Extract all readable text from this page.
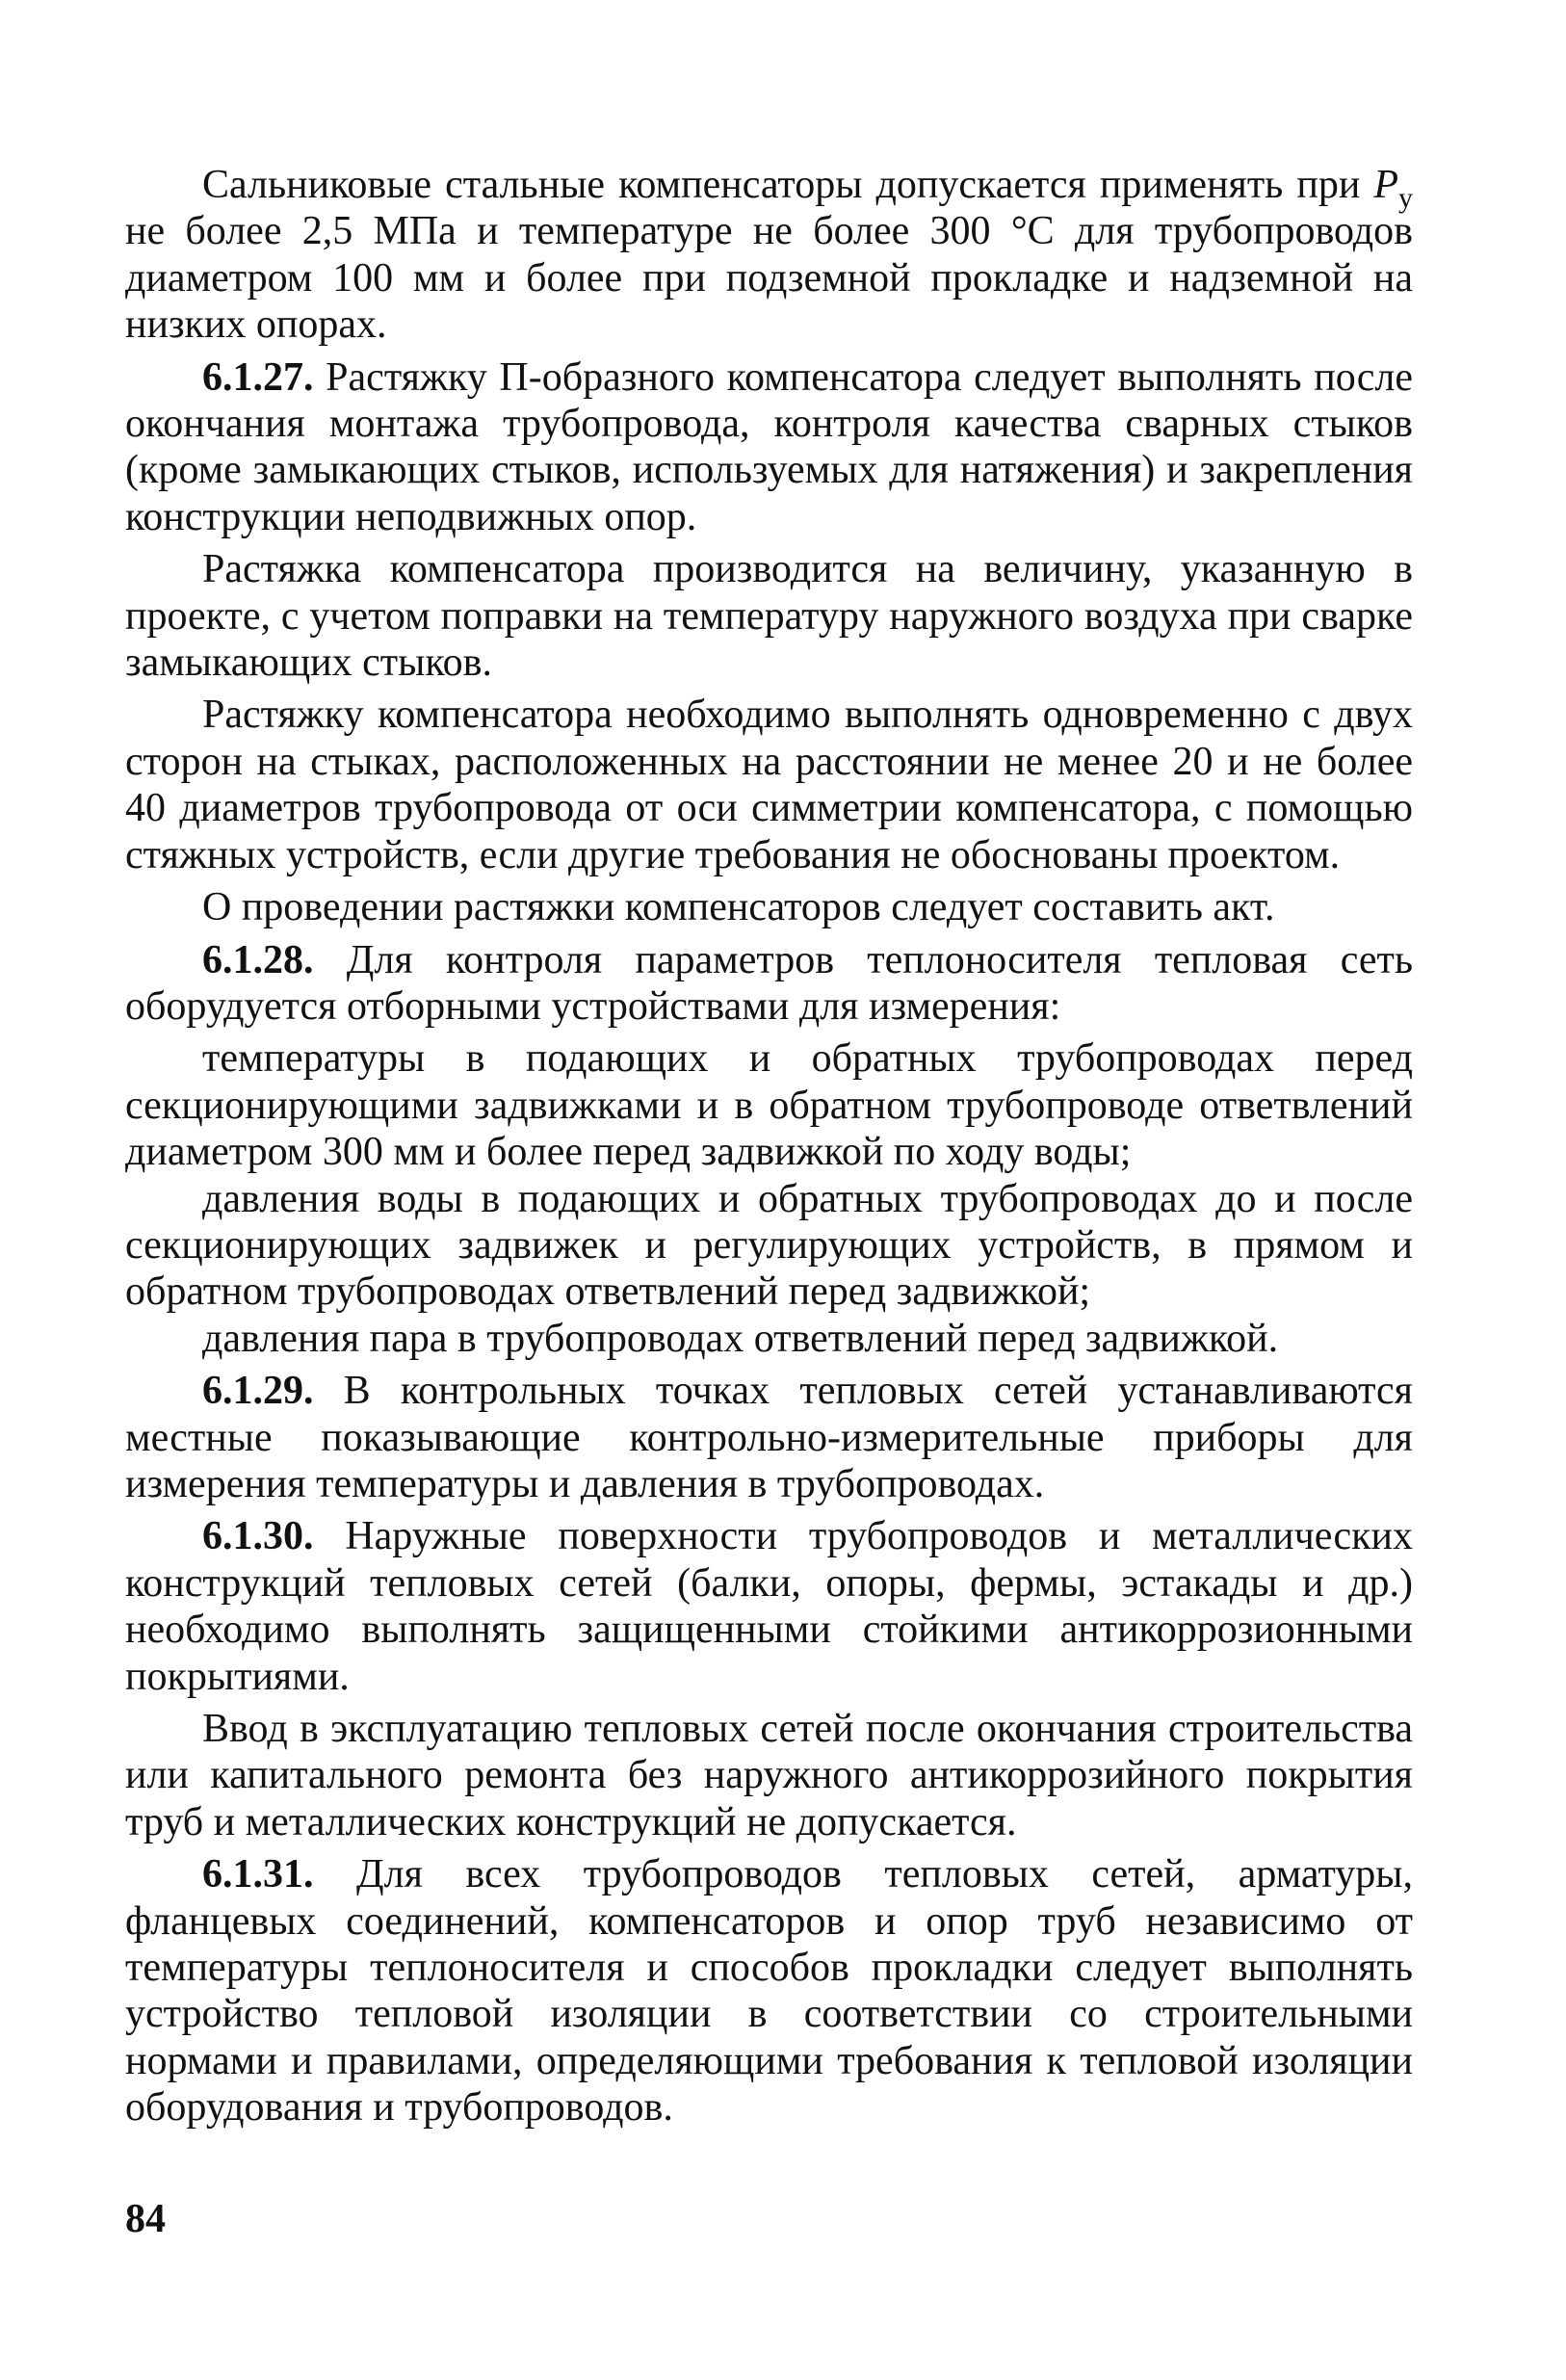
Сальниковые стальные компенсаторы допускается применять при $P_у$ не более 2,5 МПа и температуре не более 300 °С для трубопроводов диаметром 100 мм и более при подземной прокладке и надземной на низких опорах.

6.1.27. Растяжку П-образного компенсатора следует выполнять после окончания монтажа трубопровода, контроля качества сварных стыков (кроме замыкающих стыков, используемых для натяжения) и закрепления конструкции неподвижных опор.

Растяжка компенсатора производится на величину, указанную в проекте, с учетом поправки на температуру наружного воздуха при сварке замыкающих стыков.

Растяжку компенсатора необходимо выполнять одновременно с двух сторон на стыках, расположенных на расстоянии не менее 20 и не более 40 диаметров трубопровода от оси симметрии компенсатора, с помощью стяжных устройств, если другие требования не обоснованы проектом.

О проведении растяжки компенсаторов следует составить акт.

6.1.28. Для контроля параметров теплоносителя тепловая сеть оборудуется отборными устройствами для измерения:

температуры в подающих и обратных трубопроводах перед секционирующими задвижками и в обратном трубопроводе ответвлений диаметром 300 мм и более перед задвижкой по ходу воды;

давления воды в подающих и обратных трубопроводах до и после секционирующих задвижек и регулирующих устройств, в прямом и обратном трубопроводах ответвлений перед задвижкой;

давления пара в трубопроводах ответвлений перед задвижкой.

6.1.29. В контрольных точках тепловых сетей устанавливаются местные показывающие контрольно-измерительные приборы для измерения температуры и давления в трубопроводах.

6.1.30. Наружные поверхности трубопроводов и металлических конструкций тепловых сетей (балки, опоры, фермы, эстакады и др.) необходимо выполнять защищенными стойкими антикоррозионными покрытиями.

Ввод в эксплуатацию тепловых сетей после окончания строительства или капитального ремонта без наружного антикоррозийного покрытия труб и металлических конструкций не допускается.

6.1.31. Для всех трубопроводов тепловых сетей, арматуры, фланцевых соединений, компенсаторов и опор труб независимо от температуры теплоносителя и способов прокладки следует выполнять устройство тепловой изоляции в соответствии со строительными нормами и правилами, определяющими требования к тепловой изоляции оборудования и трубопроводов.

84
